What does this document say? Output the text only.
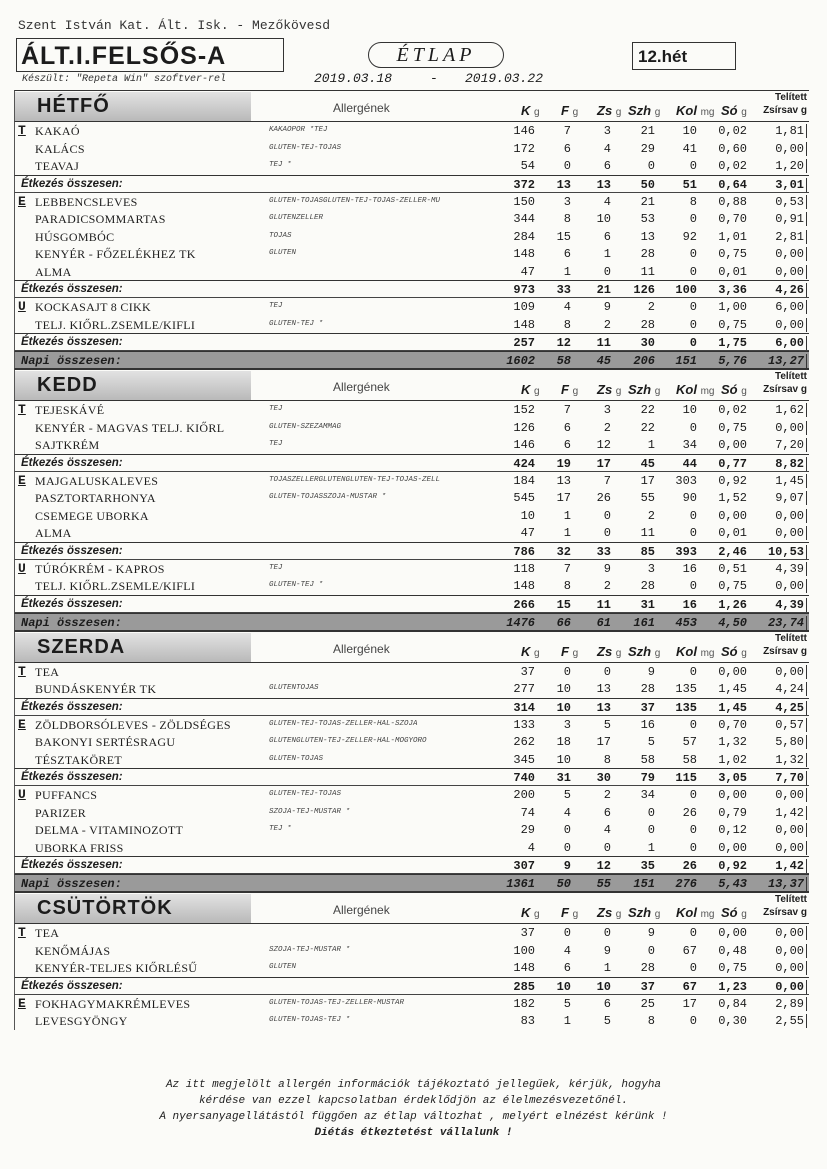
Szent István Kat. Ált. Isk. - Mezőkövesd
ÁLT.I.FELSŐS-A	ÉTLAP	12.hét
Készült: "Repeta Win" szoftver-rel	2019.03.18	- 2019.03.22
HÉTFŐ	Allergének	K g F g Zs g Szh g Kol mg Só g
Telített
Zsírsav g
T KAKAÓ	KAKAÓPOR *TEJ	146	7	3	21	10	0,02	1,81
KALÁCS	GLUTÉN-TEJ-TOJÁS	172	6	4	29	41	0,60	0,00
TEAVAJ	TEJ *	54	0	6	0	0	0,02	1,20
Étkezés összesen:	372	13	13	50	51	0,64	3,01
E LEBBENCSLEVES	GLUTÉN-TOJÁSGLUTÉN-TEJ-TOJÁS-ZELLER-MU	150	3	4	21	8	0,88	0,53
PARADICSOMMARTAS	GLUTÉNZELLER	344	8	10	53	0	0,70	0,91
HÚSGOMBÓC	TOJÁS	284	15	6	13	92	1,01	2,81
KENYÉR - FŐZELÉKHEZ TK	GLUTÉN	148	6	1	28	0	0,75	0,00
ALMA	47	1	0	11	0	0,01	0,00
Étkezés összesen:	973	33	21	126	100	3,36	4,26
U KOCKASAJT 8 CIKK	TEJ	109	4	9	2	0	1,00	6,00
TELJ. KIŐRL.ZSEMLE/KIFLI	GLUTÉN-TEJ *	148	8	2	28	0	0,75	0,00
Étkezés összesen:	257	12	11	30	0	1,75	6,00
Napi összesen:	1602	58	45	206	151	5,76	13,27
KEDD	Allergének	K g F g Zs g Szh g Kol mg Só g
Telített
Zsírsav g
T TEJESKÁVÉ	TEJ	152	7	3	22	10	0,02	1,62
KENYÉR - MAGVAS TELJ. KIŐRL	GLUTÉN-SZEZÁMMAG	126	6	2	22	0	0,75	0,00
SAJTKRÉM	TEJ	146	6	12	1	34	0,00	7,20
Étkezés összesen:	424	19	17	45	44	0,77	8,82
E MAJGALUSKALEVES	TOJÁSZELLERGLUTÉNGLUTÉN-TEJ-TOJÁS-ZELL	184	13	7	17	303	0,92	1,45
PASZTORTARHONYA	GLUTÉN-TOJÁSSZÓJA-MUSTÁR *	545	17	26	55	90	1,52	9,07
CSEMEGE UBORKA	10	1	0	2	0	0,00	0,00
ALMA	47	1	0	11	0	0,01	0,00
Étkezés összesen:	786	32	33	85	393	2,46	10,53
U TÚRÓKRÉM - KAPROS	TEJ	118	7	9	3	16	0,51	4,39
TELJ. KIŐRL.ZSEMLE/KIFLI	GLUTÉN-TEJ *	148	8	2	28	0	0,75	0,00
Étkezés összesen:	266	15	11	31	16	1,26	4,39
Napi összesen:	1476	66	61	161	453	4,50	23,74
SZERDA	Allergének	K g F g Zs g Szh g Kol mg Só g
Telített
Zsírsav g
T TEA	37	0	0	9	0	0,00	0,00
BUNDÁSKENYÉR TK	GLUTÉNTOJÁS	277	10	13	28	135	1,45	4,24
Étkezés összesen:	314	10	13	37	135	1,45	4,25
E ZÖLDBORSÓLEVES - ZÖLDSÉGES	GLUTÉN-TEJ-TOJÁS-ZELLER-HAL-SZÓJA	133	3	5	16	0	0,70	0,57
BAKONYI SERTÉSRAGU	GLUTÉNGLUTÉN-TEJ-ZELLER-HAL-MOGYORÓ	262	18	17	5	57	1,32	5,80
TÉSZTAKÖRET	GLUTÉN-TOJÁS	345	10	8	58	58	1,02	1,32
Étkezés összesen:	740	31	30	79	115	3,05	7,70
U PUFFANCS	GLUTÉN-TEJ-TOJÁS	200	5	2	34	0	0,00	0,00
PARIZER	SZÓJA-TEJ-MUSTÁR *	74	4	6	0	26	0,79	1,42
DELMA - VITAMINOZOTT	TEJ *	29	0	4	0	0	0,12	0,00
UBORKA FRISS	4	0	0	1	0	0,00	0,00
Étkezés összesen:	307	9	12	35	26	0,92	1,42
Napi összesen:	1361	50	55	151	276	5,43	13,37
CSÜTÖRTÖK	Allergének	K g F g Zs g Szh g Kol mg Só g
Telített
Zsírsav g
T TEA	37	0	0	9	0	0,00	0,00
KENŐMÁJAS	SZÓJA-TEJ-MUSTÁR *	100	4	9	0	67	0,48	0,00
KENYÉR-TELJES KIŐRLÉSŰ	GLUTÉN	148	6	1	28	0	0,75	0,00
Étkezés összesen:	285	10	10	37	67	1,23	0,00
E FOKHAGYMAKRÉMLEVES	GLUTÉN-TOJÁS-TEJ-ZELLER-MUSTÁR	182	5	6	25	17	0,84	2,89
LEVESGYÖNGY	GLUTÉN-TOJÁS-TEJ *	83	1	5	8	0	0,30	2,55
Az itt megjelölt allergén információk tájékoztató jellegűek, kérjük, hogyha
kérdése van ezzel kapcsolatban érdeklődjön az élelmezésvezetőnél.
A nyersanyagellátástól függően az étlap változhat , melyért elnézést kérünk !
Diétás étkeztetést vállalunk !
